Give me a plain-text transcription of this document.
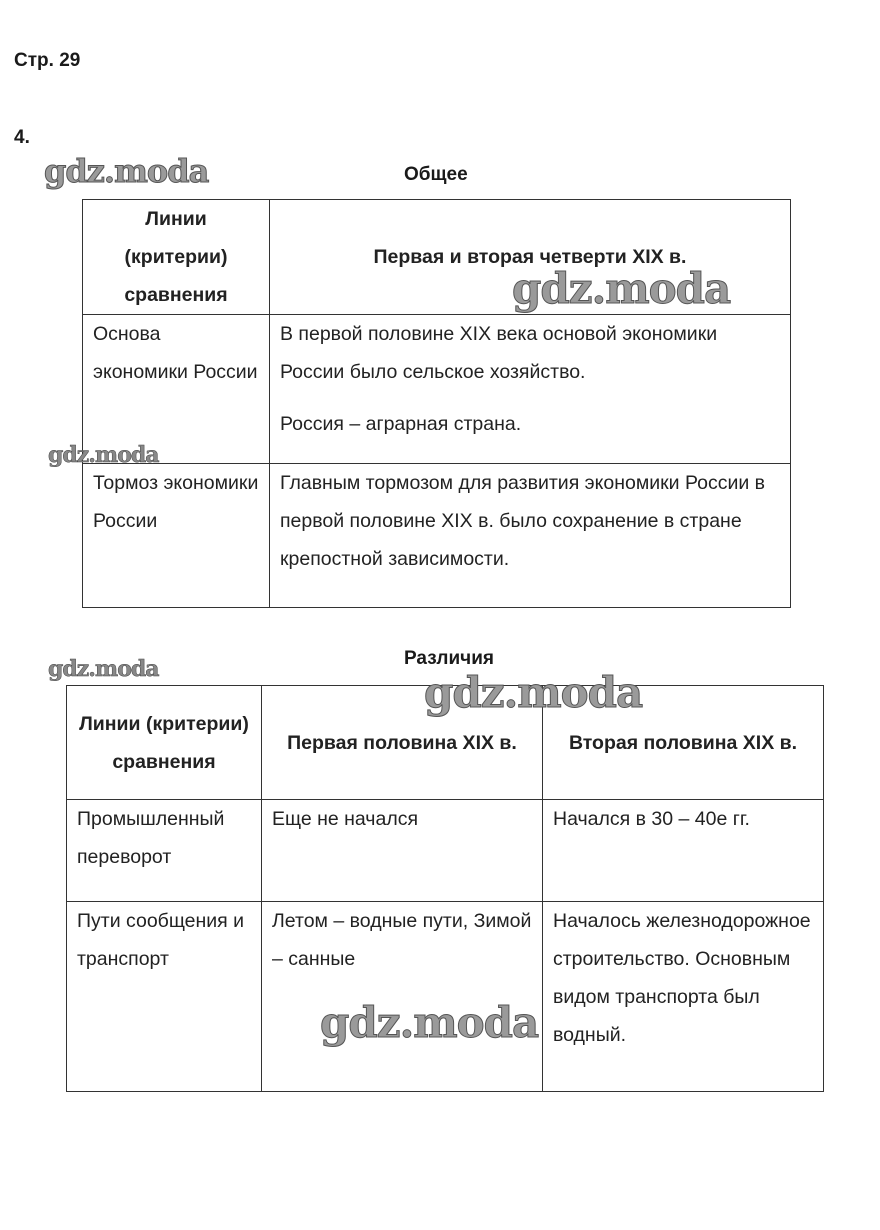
Стр. 29
4.
Общее
Линии (критерии) сравнения	Первая и вторая четверти XIX в.
Основа экономики России	В первой половине XIX века основой экономики России было сельское хозяйство.

Россия – аграрная страна.

Тормоз экономики России	Главным тормозом для развития экономики России в первой половине XIX в. было сохранение в стране крепостной зависимости.
Различия
Линии (критерии) сравнения	Первая половина XIX в.	Вторая половина XIX в.
Промышленный переворот	Еще не начался	Начался в 30 – 40е гг.
Пути сообщения и транспорт	Летом – водные пути, Зимой – санные	Началось железнодорожное строительство. Основным видом транспорта был водный.
gdz.moda
gdz.moda
gdz.moda
gdz.moda	gdz.moda
gdz.moda
